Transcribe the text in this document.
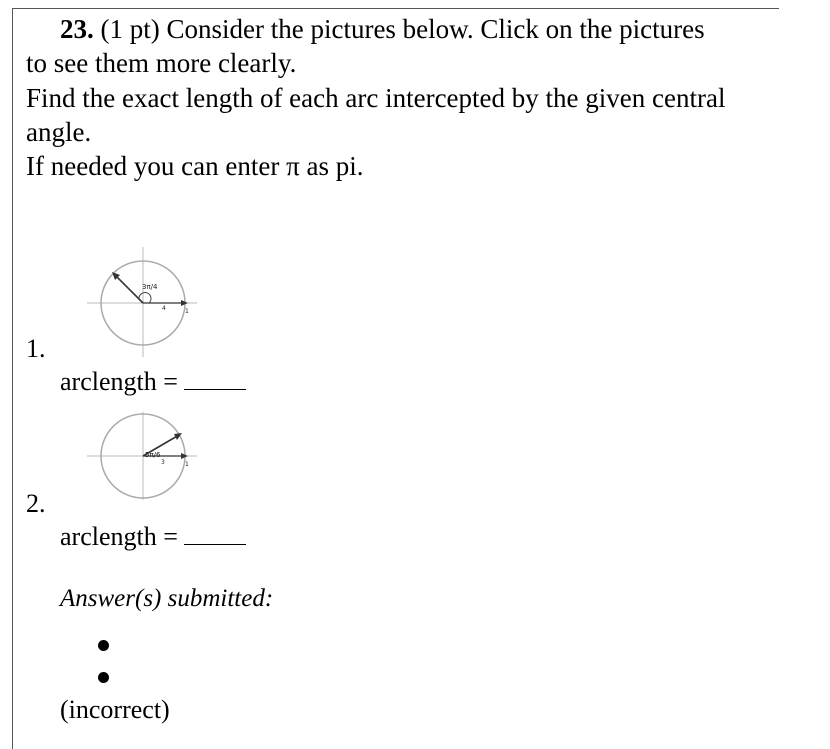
23. (1 pt) Consider the pictures below. Click on the pictures
to see them more clearly.
Find the exact length of each arc intercepted by the given central
angle.
If needed you can enter π as pi.
3π/4
4	1
1.
arclength =
5π/6
3	1
2.
arclength =
Answer(s) submitted:
(incorrect)
